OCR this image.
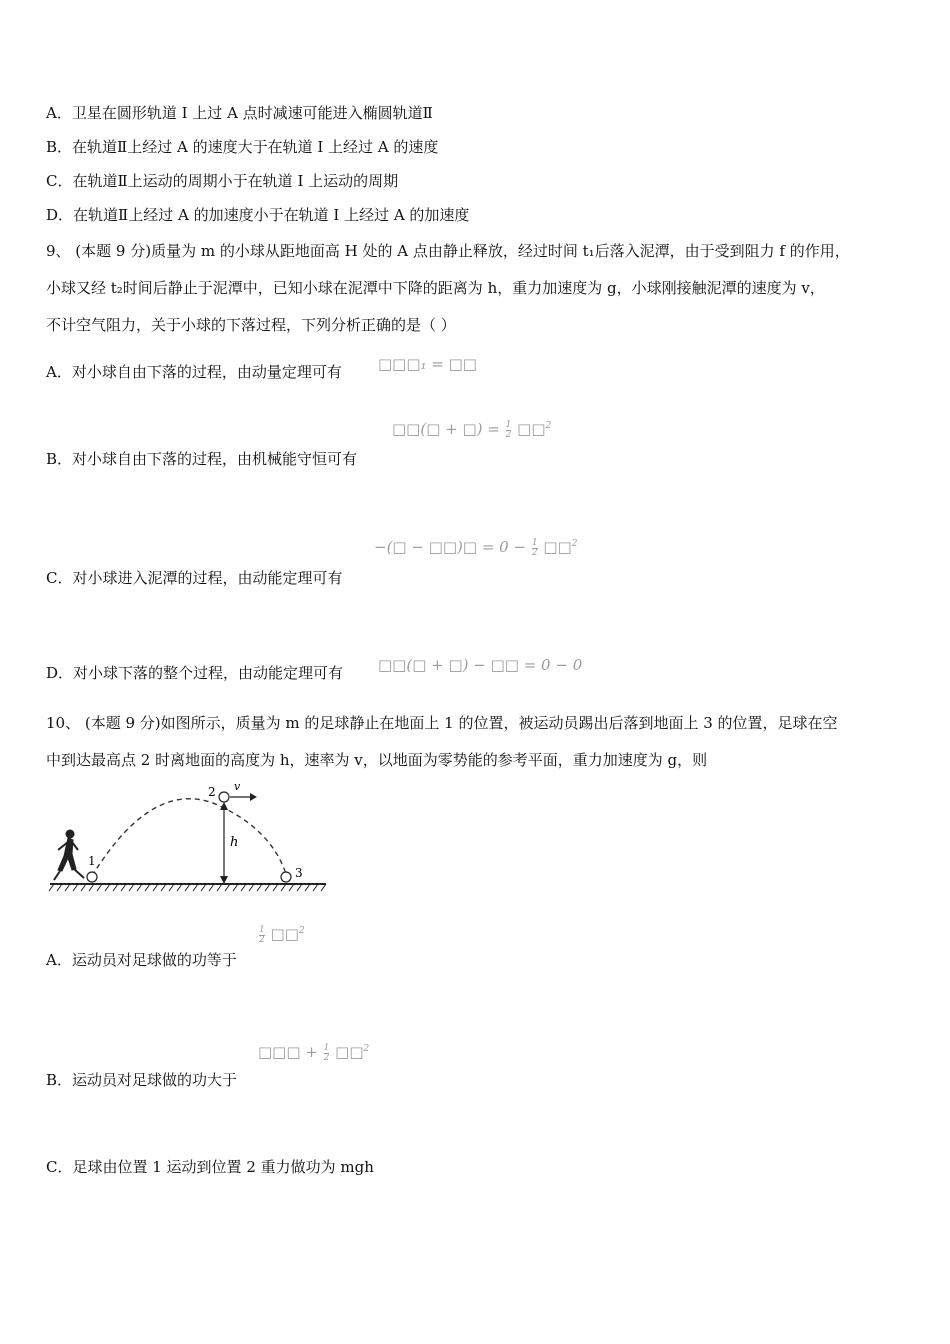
A．卫星在圆形轨道 I 上过 A 点时减速可能进入椭圆轨道Ⅱ
B．在轨道Ⅱ上经过 A 的速度大于在轨道 I 上经过 A 的速度
C．在轨道Ⅱ上运动的周期小于在轨道 I 上运动的周期
D．在轨道Ⅱ上经过 A 的加速度小于在轨道 I 上经过 A 的加速度
9、 (本题 9 分)质量为 m 的小球从距地面高 H 处的 A 点由静止释放，经过时间 t₁后落入泥潭，由于受到阻力 f 的作用，
小球又经 t₂时间后静止于泥潭中，已知小球在泥潭中下降的距离为 h，重力加速度为 g，小球刚接触泥潭的速度为 v，
不计空气阻力，关于小球的下落过程，下列分析正确的是（ ）
A．对小球自由下落的过程，由动量定理可有 □□□₁ = □□
□□(□ + □) = $\frac{1}{2}$ □□$^2$
B．对小球自由下落的过程，由机械能守恒可有
−(□ − □□)□ = $0 - \frac{1}{2}$ □□$^2$
C．对小球进入泥潭的过程，由动能定理可有
D．对小球下落的整个过程，由动能定理可有 □□(□ + □) − □□ = 0 − 0
10、 (本题 9 分)如图所示，质量为 m 的足球静止在地面上 1 的位置，被运动员踢出后落到地面上 3 的位置，足球在空
中到达最高点 2 时离地面的高度为 h，速率为 v，以地面为零势能的参考平面，重力加速度为 g，则
1
2
3
h
v
$\frac{1}{2}$ □□$^2$
A．运动员对足球做的功等于
□□□ + $\frac{1}{2}$ □□$^2$
B．运动员对足球做的功大于
C．足球由位置 1 运动到位置 2 重力做功为 mgh
